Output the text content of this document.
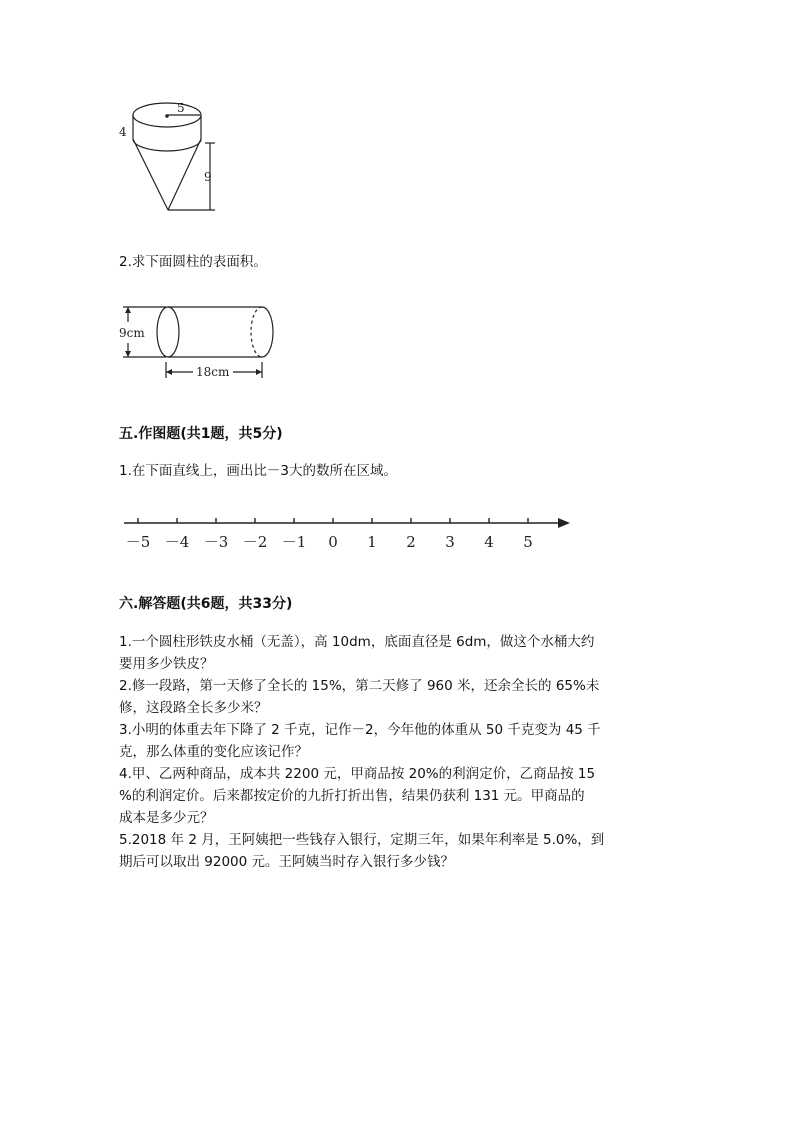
5
4
9
2.求下面圆柱的表面积。
9cm
18cm
五.作图题(共1题，共5分)
1.在下面直线上，画出比－3大的数所在区域。
－5 －4 －3 －2 －1 0 1 2 3 4 5
六.解答题(共6题，共33分)
1.一个圆柱形铁皮水桶（无盖），高 10dm，底面直径是 6dm，做这个水桶大约
要用多少铁皮？
2.修一段路，第一天修了全长的 15%，第二天修了 960 米，还余全长的 65%未
修，这段路全长多少米？
3.小明的体重去年下降了 2 千克，记作－2，今年他的体重从 50 千克变为 45 千
克，那么体重的变化应该记作？
4.甲、乙两种商品，成本共 2200 元，甲商品按 20%的利润定价，乙商品按 15
%的利润定价。后来都按定价的九折打折出售，结果仍获利 131 元。甲商品的
成本是多少元？
5.2018 年 2 月，王阿姨把一些钱存入银行，定期三年，如果年利率是 5.0%，到
期后可以取出 92000 元。王阿姨当时存入银行多少钱？
